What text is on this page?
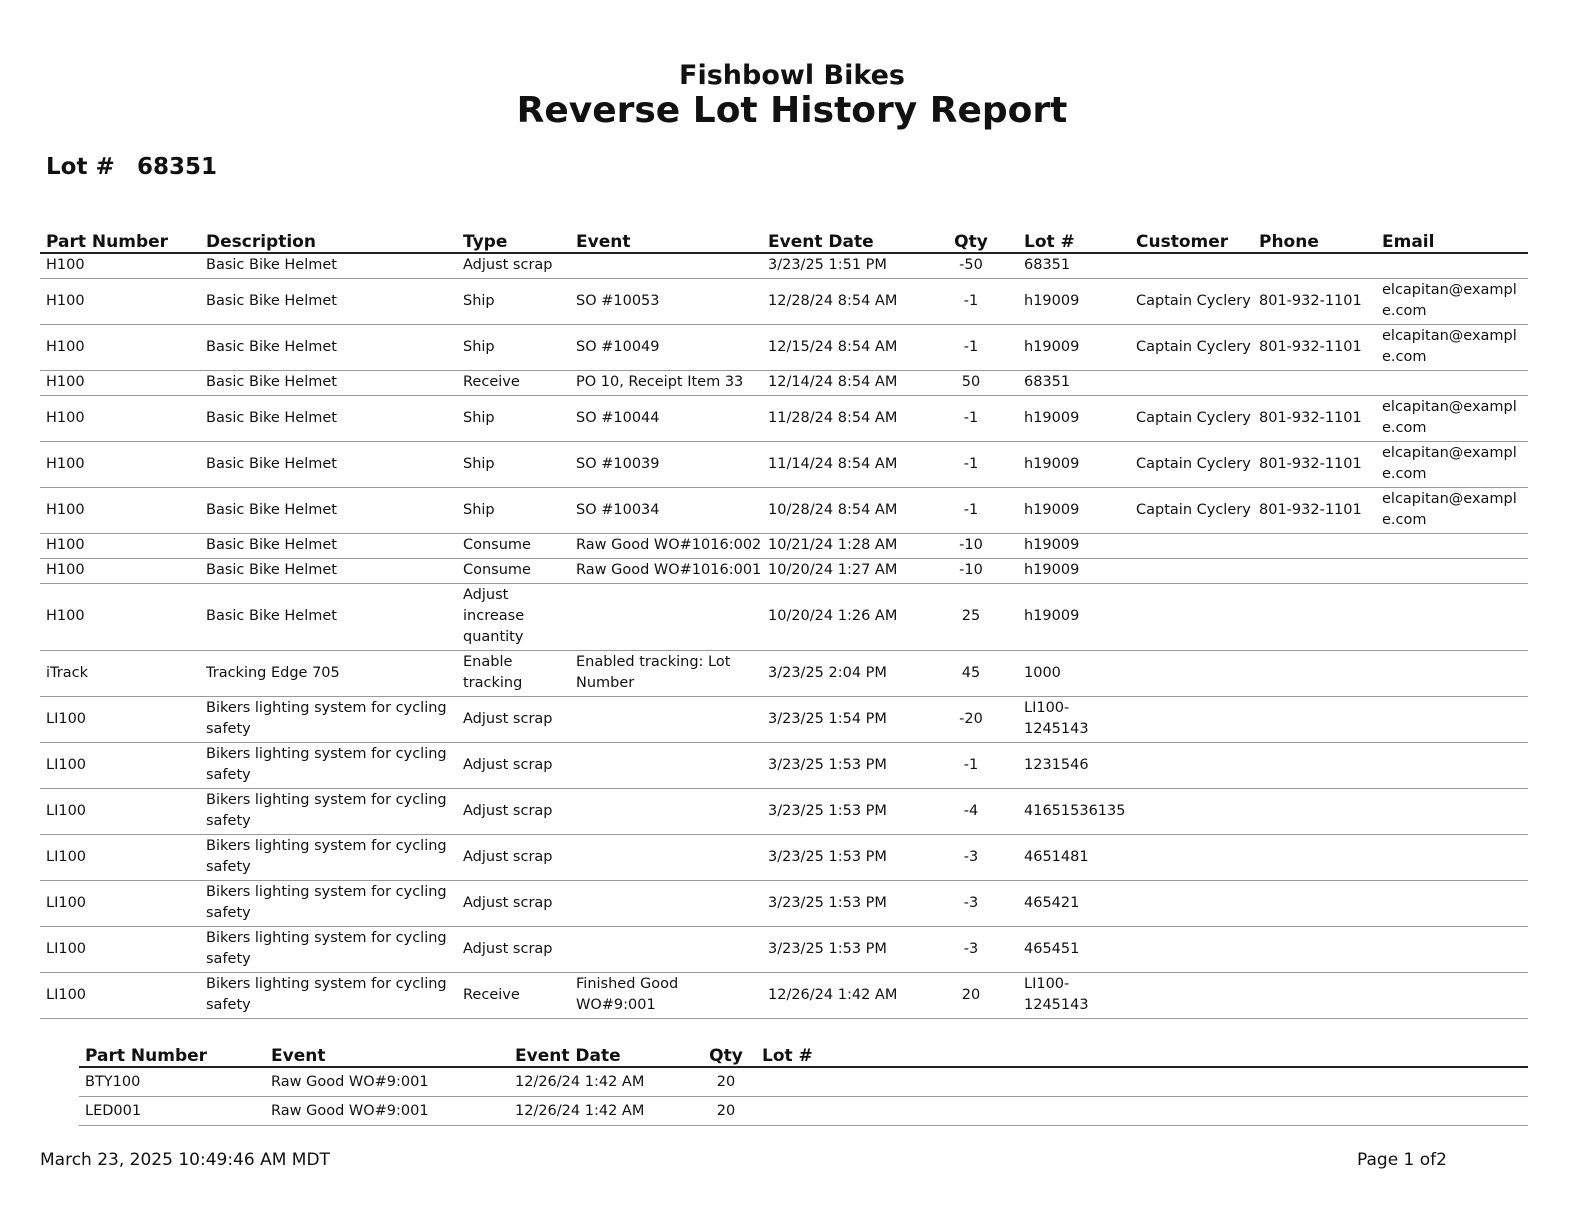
Fishbowl Bikes
Reverse Lot History Report
Lot # 68351
Part Number	Description	Type	Event	Event Date	Qty	Lot #	Customer	Phone	Email
H100	Basic Bike Helmet	Adjust scrap		3/23/25 1:51 PM	-50	68351			
H100	Basic Bike Helmet	Ship	SO #10053	12/28/24 8:54 AM	-1	h19009	Captain Cyclery	801-932-1101	elcapitan@exampl e.com
H100	Basic Bike Helmet	Ship	SO #10049	12/15/24 8:54 AM	-1	h19009	Captain Cyclery	801-932-1101	elcapitan@exampl e.com
H100	Basic Bike Helmet	Receive	PO 10, Receipt Item 33	12/14/24 8:54 AM	50	68351			
H100	Basic Bike Helmet	Ship	SO #10044	11/28/24 8:54 AM	-1	h19009	Captain Cyclery	801-932-1101	elcapitan@exampl e.com
H100	Basic Bike Helmet	Ship	SO #10039	11/14/24 8:54 AM	-1	h19009	Captain Cyclery	801-932-1101	elcapitan@exampl e.com
H100	Basic Bike Helmet	Ship	SO #10034	10/28/24 8:54 AM	-1	h19009	Captain Cyclery	801-932-1101	elcapitan@exampl e.com
H100	Basic Bike Helmet	Consume	Raw Good WO#1016:002	10/21/24 1:28 AM	-10	h19009			
H100	Basic Bike Helmet	Consume	Raw Good WO#1016:001	10/20/24 1:27 AM	-10	h19009			
H100	Basic Bike Helmet	Adjust increase quantity		10/20/24 1:26 AM	25	h19009			
iTrack	Tracking Edge 705	Enable tracking	Enabled tracking: Lot Number	3/23/25 2:04 PM	45	1000			
LI100	Bikers lighting system for cycling safety	Adjust scrap		3/23/25 1:54 PM	-20	LI100- 1245143			
LI100	Bikers lighting system for cycling safety	Adjust scrap		3/23/25 1:53 PM	-1	1231546			
LI100	Bikers lighting system for cycling safety	Adjust scrap		3/23/25 1:53 PM	-4	41651536135			
LI100	Bikers lighting system for cycling safety	Adjust scrap		3/23/25 1:53 PM	-3	4651481			
LI100	Bikers lighting system for cycling safety	Adjust scrap		3/23/25 1:53 PM	-3	465421			
LI100	Bikers lighting system for cycling safety	Adjust scrap		3/23/25 1:53 PM	-3	465451			
LI100	Bikers lighting system for cycling safety	Receive	Finished Good WO#9:001	12/26/24 1:42 AM	20	LI100- 1245143			
Part Number	Event	Event Date	Qty	Lot #
BTY100	Raw Good WO#9:001	12/26/24 1:42 AM	20	
LED001	Raw Good WO#9:001	12/26/24 1:42 AM	20	
March 23, 2025 10:49:46 AM MDT	Page 1 of2
